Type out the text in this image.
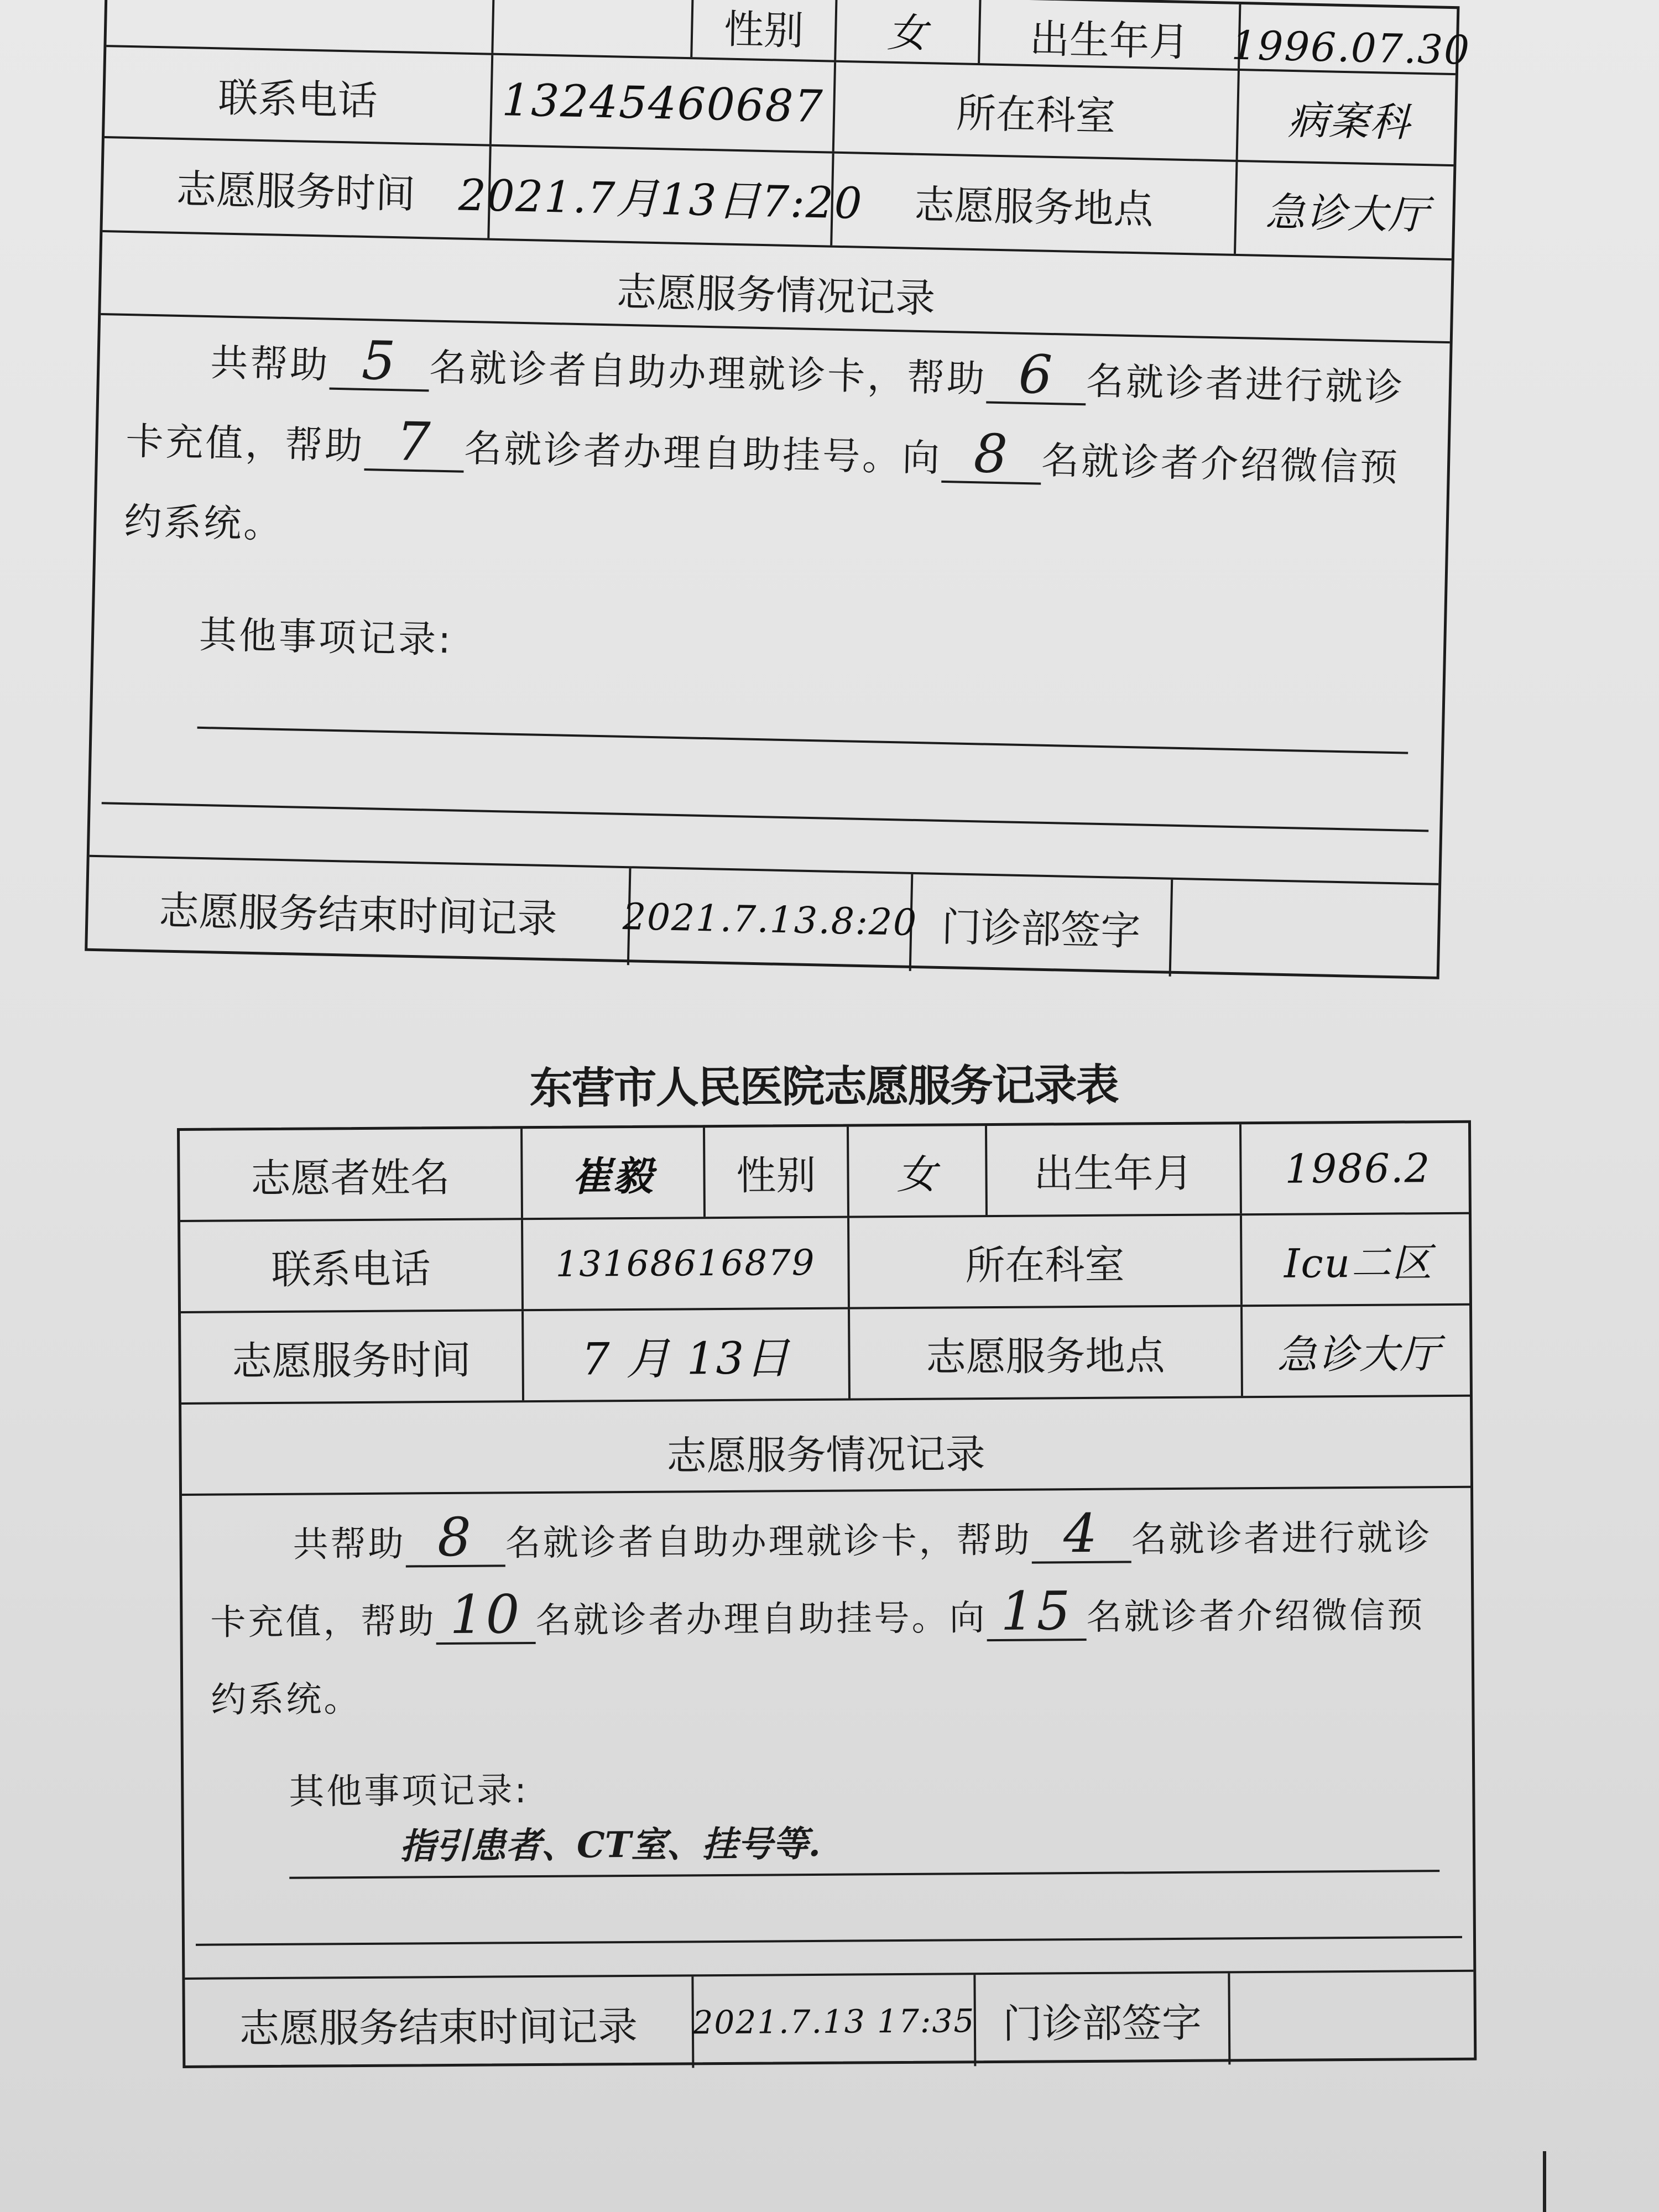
性别 女	出生年月 1996.07.30
联系电话	13245460687	所在科室	病案科
志愿服务时间 2021.7月13日7:20 志愿服务地点	急诊大厅
志愿服务情况记录
共帮助 5 名就诊者自助办理就诊卡，帮助 6 名就诊者进行就诊卡充值，帮助 7 名就诊者办理自助挂号。向 8 名就诊者介绍微信预约系统。
其他事项记录:
志愿服务结束时间记录 2021.7.13.8:20 门诊部签字
东营市人民医院志愿服务记录表
志愿者姓名	崔毅 性别 女 出生年月 1986.2
联系电话	13168616879	所在科室	Icu二区
志愿服务时间 7 月 13日	志愿服务地点	急诊大厅
志愿服务情况记录
共帮助 8 名就诊者自助办理就诊卡，帮助 4 名就诊者进行就诊卡充值，帮助 10 名就诊者办理自助挂号。向 15 名就诊者介绍微信预约系统。
其他事项记录:
指引患者、CT室、挂号等.
志愿服务结束时间记录 2021.7.13 17:35 门诊部签字
